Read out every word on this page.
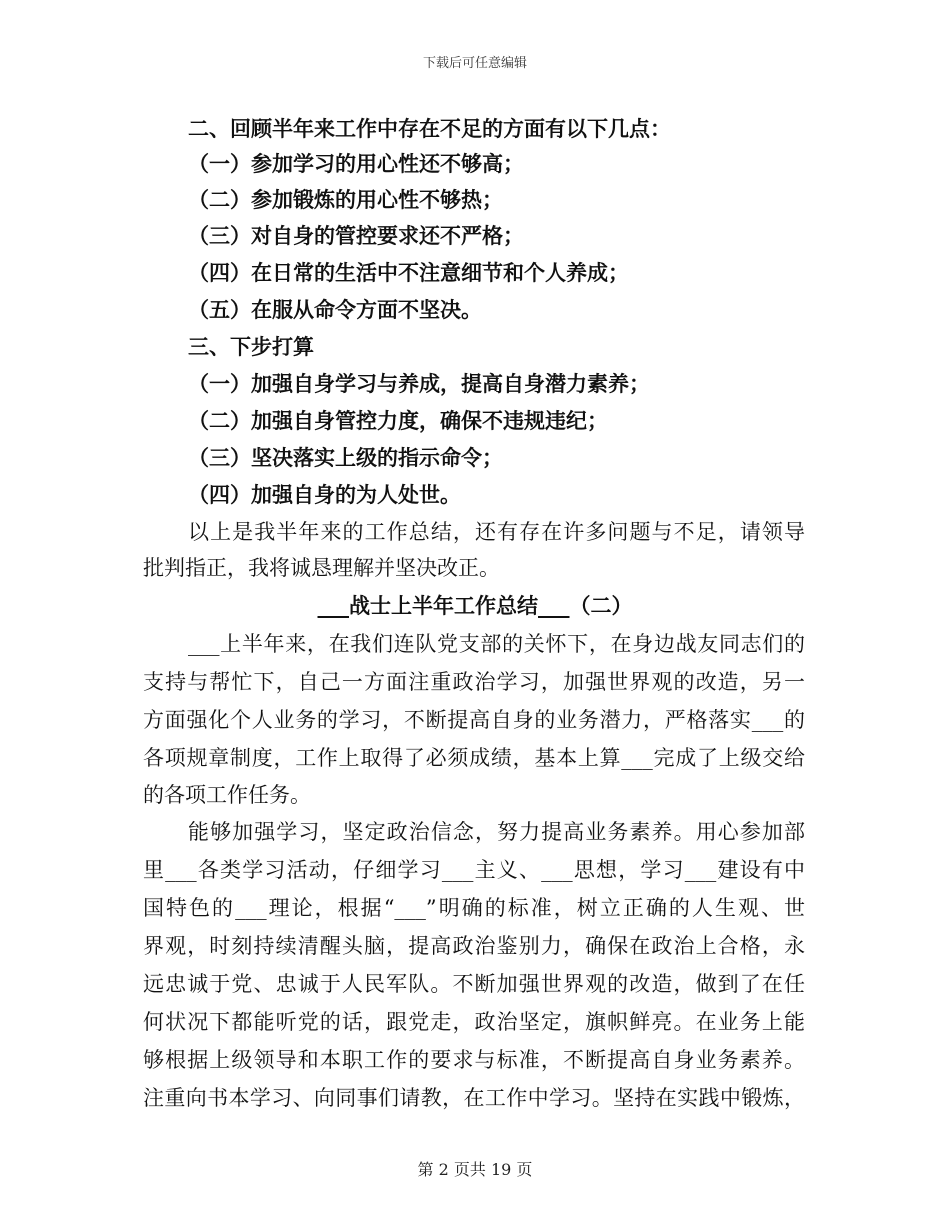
下载后可任意编辑
二、回顾半年来工作中存在不足的方面有以下几点：
（一）参加学习的用心性还不够高；
（二）参加锻炼的用心性不够热；
（三）对自身的管控要求还不严格；
（四）在日常的生活中不注意细节和个人养成；
（五）在服从命令方面不坚决。
三、下步打算
（一）加强自身学习与养成，提高自身潜力素养；
（二）加强自身管控力度，确保不违规违纪；
（三）坚决落实上级的指示命令；
（四）加强自身的为人处世。
以上是我半年来的工作总结，还有存在许多问题与不足，请领导
批判指正，我将诚恳理解并坚决改正。
___战士上半年工作总结___（二）
___上半年来，在我们连队党支部的关怀下，在身边战友同志们的
支持与帮忙下，自己一方面注重政治学习，加强世界观的改造，另一
方面强化个人业务的学习，不断提高自身的业务潜力，严格落实___的
各项规章制度，工作上取得了必须成绩，基本上算___完成了上级交给
的各项工作任务。
能够加强学习，坚定政治信念，努力提高业务素养。用心参加部
里___各类学习活动，仔细学习___主义、___思想，学习___建设有中
国特色的___理论，根据“___”明确的标准，树立正确的人生观、世
界观，时刻持续清醒头脑，提高政治鉴别力，确保在政治上合格，永
远忠诚于党、忠诚于人民军队。不断加强世界观的改造，做到了在任
何状况下都能听党的话，跟党走，政治坚定，旗帜鲜亮。在业务上能
够根据上级领导和本职工作的要求与标准，不断提高自身业务素养。
注重向书本学习、向同事们请教，在工作中学习。坚持在实践中锻炼，
第 2 页共 19 页
